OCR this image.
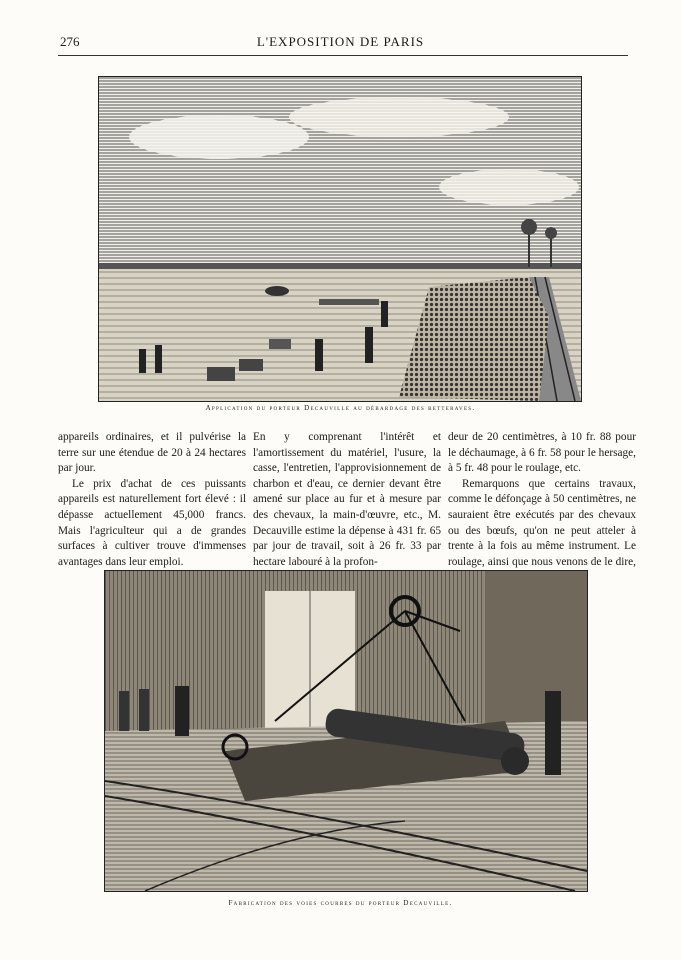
276	L'EXPOSITION DE PARIS
Application du porteur Decauville au débardage des betteraves.

appareils ordinaires, et il pulvérise la terre sur une étendue de 20 à 24 hectares par jour.

Le prix d'achat de ces puissants appareils est naturellement fort élevé : il dépasse actuellement 45,000 francs. Mais l'agriculteur qui a de grandes surfaces à cultiver trouve d'immenses avantages dans leur emploi.

En y comprenant l'intérêt et l'amortissement du matériel, l'usure, la casse, l'entretien, l'approvisionnement de charbon et d'eau, ce dernier devant être amené sur place au fur et à mesure par des chevaux, la main-d'œuvre, etc., M. Decauville estime la dépense à 431 fr. 65 par jour de travail, soit à 26 fr. 33 par hectare labouré à la profon-

deur de 20 centimètres, à 10 fr. 88 pour le déchaumage, à 6 fr. 58 pour le hersage, à 5 fr. 48 pour le roulage, etc.

Remarquons que certains travaux, comme le défonçage à 50 centimètres, ne sauraient être exécutés par des chevaux ou des bœufs, qu'on ne peut atteler à trente à la fois au même instrument. Le roulage, ainsi que nous venons de le dire,

Fabrication des voies courbes du porteur Decauville.
